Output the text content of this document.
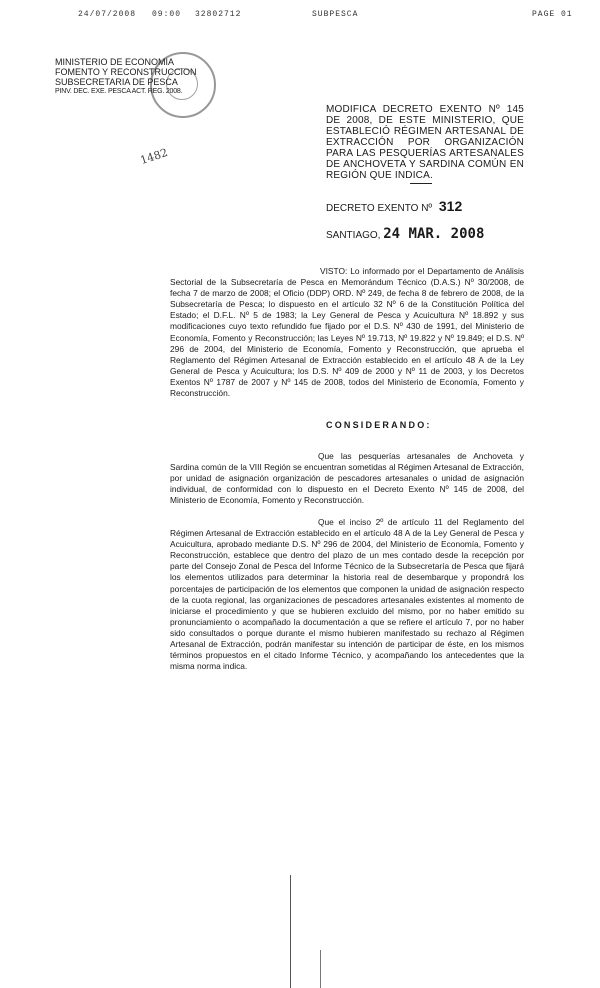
24/07/2008 09:00 32802712	SUBPESCA	PAGE 01
MINISTERIO DE ECONOMIA
FOMENTO Y RECONSTRUCCION
SUBSECRETARIA DE PESCA
PINV. DEC. EXE. PESCA ACT. REG. 2008.
1482
MODIFICA DECRETO EXENTO Nº 145 DE 2008, DE ESTE MINISTERIO, QUE ESTABLECIÓ RÉGIMEN ARTESANAL DE EXTRACCIÓN POR ORGANIZACIÓN PARA LAS PESQUERÍAS ARTESANALES DE ANCHOVETA Y SARDINA COMÚN EN REGIÓN QUE INDICA.
DECRETO EXENTO Nº 312
SANTIAGO, 24 MAR. 2008
VISTO: Lo informado por el Departamento de Análisis Sectorial de la Subsecretaría de Pesca en Memorándum Técnico (D.A.S.) Nº 30/2008, de fecha 7 de marzo de 2008; el Oficio (DDP) ORD. Nº 249, de fecha 8 de febrero de 2008, de la Subsecretaría de Pesca; lo dispuesto en el artículo 32 Nº 6 de la Constitución Política del Estado; el D.F.L. Nº 5 de 1983; la Ley General de Pesca y Acuicultura Nº 18.892 y sus modificaciones cuyo texto refundido fue fijado por el D.S. Nº 430 de 1991, del Ministerio de Economía, Fomento y Reconstrucción; las Leyes Nº 19.713, Nº 19.822 y Nº 19.849; el D.S. Nº 296 de 2004, del Ministerio de Economía, Fomento y Reconstrucción, que aprueba el Reglamento del Régimen Artesanal de Extracción establecido en el artículo 48 A de la Ley General de Pesca y Acuicultura; los D.S. Nº 409 de 2000 y Nº 11 de 2003, y los Decretos Exentos Nº 1787 de 2007 y Nº 145 de 2008, todos del Ministerio de Economía, Fomento y Reconstrucción.
CONSIDERANDO:
Que las pesquerías artesanales de Anchoveta y Sardina común de la VIII Región se encuentran sometidas al Régimen Artesanal de Extracción, por unidad de asignación organización de pescadores artesanales o unidad de asignación individual, de conformidad con lo dispuesto en el Decreto Exento Nº 145 de 2008, del Ministerio de Economía, Fomento y Reconstrucción.
Que el inciso 2º de artículo 11 del Reglamento del Régimen Artesanal de Extracción establecido en el artículo 48 A de la Ley General de Pesca y Acuicultura, aprobado mediante D.S. Nº 296 de 2004, del Ministerio de Economía, Fomento y Reconstrucción, establece que dentro del plazo de un mes contado desde la recepción por parte del Consejo Zonal de Pesca del Informe Técnico de la Subsecretaría de Pesca que fijará los elementos utilizados para determinar la historia real de desembarque y propondrá los porcentajes de participación de los elementos que componen la unidad de asignación respecto de la cuota regional, las organizaciones de pescadores artesanales existentes al momento de iniciarse el procedimiento y que se hubieren excluido del mismo, por no haber emitido su pronunciamiento o acompañado la documentación a que se refiere el artículo 7, por no haber sido consultados o porque durante el mismo hubieren manifestado su rechazo al Régimen Artesanal de Extracción, podrán manifestar su intención de participar de éste, en los mismos términos propuestos en el citado Informe Técnico, y acompañando los antecedentes que la misma norma indica.
